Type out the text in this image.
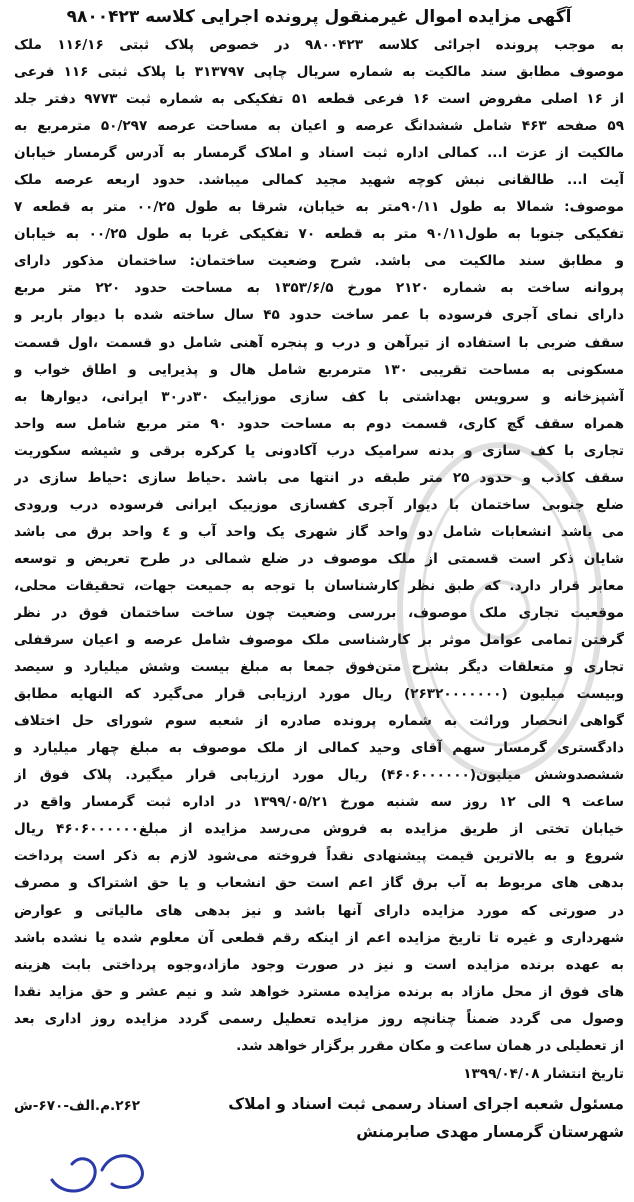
آگهی مزایده اموال غیرمنقول پرونده اجرایی کلاسه ۹۸۰۰۴۲۳
به موجب پرونده اجرائی کلاسه ۹۸۰۰۴۲۳ در خصوص پلاک ثبتی ۱۱۶/۱۶ ملک
موصوف مطابق سند مالکیت به شماره سریال چاپی ۳۱۳۷۹۷ با پلاک ثبتی ۱۱۶ فرعی
از ۱۶ اصلی مفروض است ۱۶ فرعی قطعه ۵۱ تفکیکی به شماره ثبت ۹۷۷۳ دفتر جلد
۵۹ صفحه ۴۶۳ شامل ششدانگ عرصه و اعیان به مساحت عرصه ۵۰/۲۹۷ مترمربع به
مالکیت از عزت ا... کمالی اداره ثبت اسناد و املاک گرمسار به آدرس گرمسار خیابان
آیت ا... طالقانی نبش کوچه شهید مجید کمالی میباشد. حدود اربعه عرصه ملک
موصوف: شمالا به طول ۹۰/۱۱متر به خیابان، شرقا به طول ۰۰/۲۵ متر به قطعه ۷
تفکیکی جنوبا به طول۹۰/۱۱ متر به قطعه ۷۰ تفکیکی غربا به طول ۰۰/۲۵ به خیابان
و مطابق سند مالکیت می باشد. شرح وضعیت ساختمان: ساختمان مذکور دارای
پروانه ساخت به شماره ۲۱۲۰ مورخ ۱۳۵۳/۶/۵ به مساحت حدود ۲۲۰ متر مربع
دارای نمای آجری فرسوده با عمر ساخت حدود ۴۵ سال ساخته شده با دیوار باربر و
سقف ضربی با استفاده از تیرآهن و درب و پنجره آهنی شامل دو قسمت ،اول قسمت
مسکونی به مساحت تقریبی ۱۳۰ مترمربع شامل هال و پذیرایی و اطاق خواب و
آشپزخانه و سرویس بهداشتی با کف سازی موزاییک ۳۰در۳۰ ایرانی، دیوارها به
همراه سقف گچ کاری، قسمت دوم به مساحت حدود ۹۰ متر مربع شامل سه واحد
تجاری با کف سازی و بدنه سرامیک درب آکاد‌ونی یا کرکره برقی و شیشه سکوریت
سقف کاذب و حدود ۲۵ متر طبقه در انتها می باشد .حیاط سازی :حیاط سازی در
ضلع جنوبی ساختمان با دیوار آجری کفسازی موزییک ایرانی فرسوده درب ورودی
می باشد انشعابات شامل دو واحد گاز شهری یک واحد آب و ٤ واحد برق می باشد
شایان ذکر است قسمتی از ملک موصوف در ضلع شمالی در طرح تعریض و توسعه
معابر قرار دارد. که طبق نظر کارشناسان با توجه به جمیعت جهات، تحقیقات محلی،
موقعیت تجاری ملک موصوف، بررسی وضعیت چون ساخت ساختمان فوق در نظر
گرفتن تمامی عوامل موثر بر کارشناسی ملک موصوف شامل عرصه و اعیان سرقفلی
تجاری و متعلقات دیگر بشرح متن‌فوق جمعا به مبلغ بیست وشش میلیارد و سیصد
وبیست میلیون (۲۶۳۲۰۰۰۰۰۰۰) ریال مورد ارزیابی قرار می‌گیرد که النهایه مطابق
گواهی انحصار وراثت به شماره پرونده صادره از شعبه سوم شورای حل اختلاف
دادگستری گرمسار سهم آقای وحید کمالی از ملک موصوف به مبلغ چهار میلیارد و
ششصدوشش میلیون(۴۶۰۶۰۰۰۰۰۰) ریال مورد ارزیابی قرار میگیرد. پلاک فوق از
ساعت ۹ الی ۱۲ روز سه شنبه مورخ ۱۳۹۹/۰۵/۲۱ در اداره ثبت گرمسار واقع در
خیابان تختی از طریق مزایده به فروش می‌رسد مزایده از مبلغ۴۶۰۶۰۰۰۰۰۰ ریال
شروع و به بالاترین قیمت پیشنهادی نقداً فروخته می‌شود لازم به ذکر است پرداخت
بدهی های مربوط به آب برق گاز اعم است حق انشعاب و یا حق اشتراک و مصرف
در صورتی که مورد مزایده دارای آنها باشد و نیز بدهی های مالیاتی و عوارض
شهرداری و غیره تا تاریخ مزایده اعم از اینکه رقم قطعی آن معلوم شده یا نشده باشد
به عهده برنده مزایده است و نیز در صورت وجود مازاد،وجوه پرداختی بابت هزینه
های فوق از محل مازاد به برنده مزایده مسترد خواهد شد و نیم عشر و حق مزاید نقدا
وصول می گردد ضمناً چنانچه روز مزایده تعطیل رسمی گردد مزایده روز اداری بعد
از تعطیلی در همان ساعت و مکان مقرر برگزار خواهد شد.
تاریخ انتشار ۱۳۹۹/۰۴/۰۸
مسئول شعبه اجرای اسناد رسمی ثبت اسناد و املاک
شهرستان گرمسار مهدی صابرمنش
۲۶۲.م.الف-۶۷۰-ش
